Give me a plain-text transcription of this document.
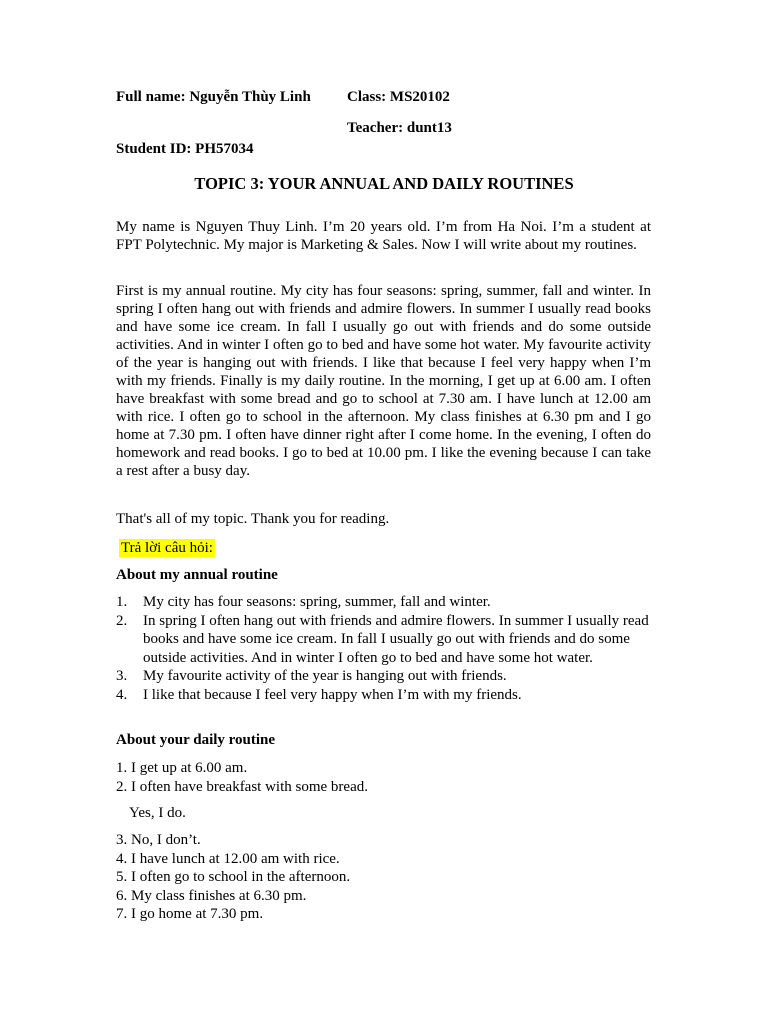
Full name: Nguyễn Thùy Linh	Class: MS20102
Teacher: dunt13
Student ID: PH57034
TOPIC 3: YOUR ANNUAL AND DAILY ROUTINES
My name is Nguyen Thuy Linh. I’m 20 years old. I’m from Ha Noi. I’m a student at FPT Polytechnic. My major is Marketing & Sales. Now I will write about my routines.
First is my annual routine. My city has four seasons: spring, summer, fall and winter. In spring I often hang out with friends and admire flowers. In summer I usually read books and have some ice cream. In fall I usually go out with friends and do some outside activities. And in winter I often go to bed and have some hot water. My favourite activity of the year is hanging out with friends. I like that because I feel very happy when I’m with my friends. Finally is my daily routine. In the morning, I get up at 6.00 am. I often have breakfast with some bread and go to school at 7.30 am. I have lunch at 12.00 am with rice. I often go to school in the afternoon. My class finishes at 6.30 pm and I go home at 7.30 pm. I often have dinner right after I come home. In the evening, I often do homework and read books. I go to bed at 10.00 pm. I like the evening because I can take a rest after a busy day.
That's all of my topic. Thank you for reading.
Trả lời câu hỏi:
About my annual routine
1. My city has four seasons: spring, summer, fall and winter.
2. In spring I often hang out with friends and admire flowers. In summer I usually read books and have some ice cream. In fall I usually go out with friends and do some outside activities. And in winter I often go to bed and have some hot water.
3. My favourite activity of the year is hanging out with friends.
4. I like that because I feel very happy when I’m with my friends.
About your daily routine
1. I get up at 6.00 am.
2. I often have breakfast with some bread.
Yes, I do.
3. No, I don’t.
4. I have lunch at 12.00 am with rice.
5. I often go to school in the afternoon.
6. My class finishes at 6.30 pm.
7. I go home at 7.30 pm.
